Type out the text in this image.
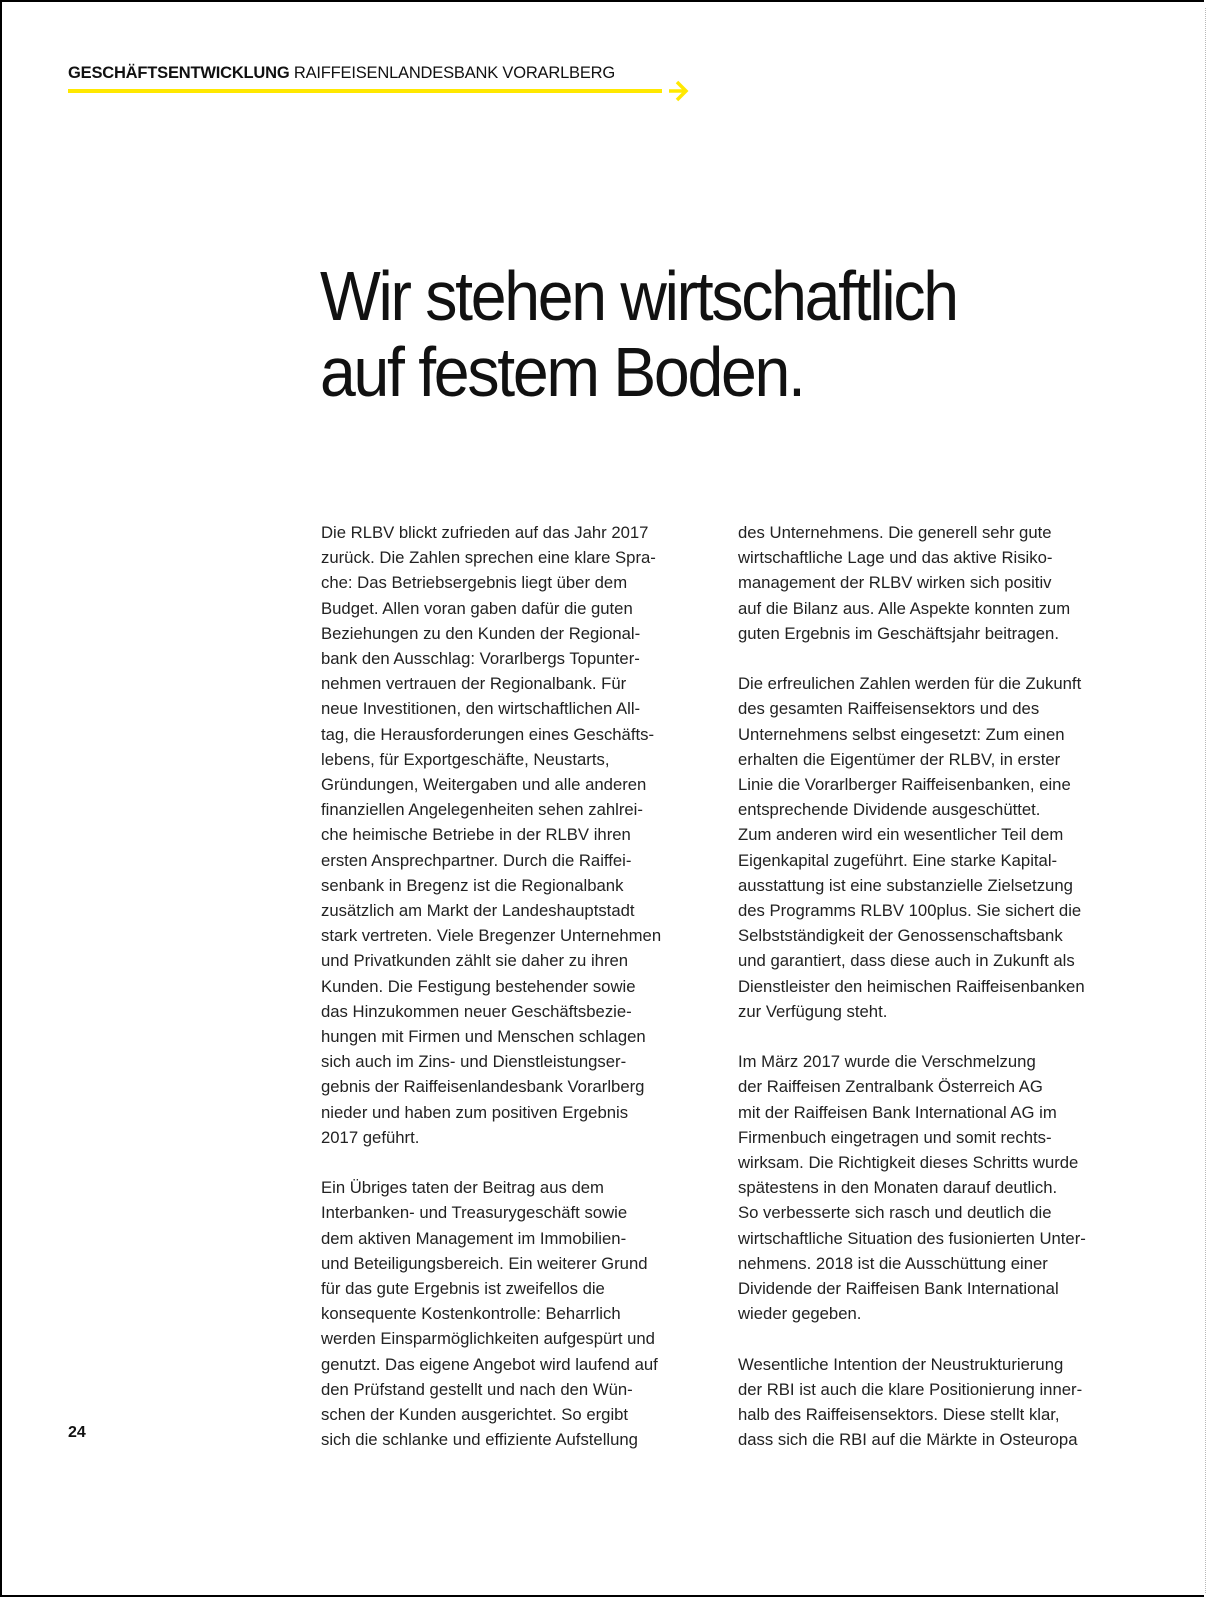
GESCHÄFTSENTWICKLUNG RAIFFEISENLANDESBANK VORARLBERG
Wir stehen wirtschaftlich
auf festem Boden.

Die RLBV blickt zufrieden auf das Jahr 2017
zurück. Die Zahlen sprechen eine klare Spra-
che: Das Betriebsergebnis liegt über dem
Budget. Allen voran gaben dafür die guten
Beziehungen zu den Kunden der Regional-
bank den Ausschlag: Vorarlbergs Topunter-
nehmen vertrauen der Regionalbank. Für
neue Investitionen, den wirtschaftlichen All-
tag, die Herausforderungen eines Geschäfts-
lebens, für Exportgeschäfte, Neustarts,
Gründungen, Weitergaben und alle anderen
finanziellen Angelegenheiten sehen zahlrei-
che heimische Betriebe in der RLBV ihren
ersten Ansprechpartner. Durch die Raiffei-
senbank in Bregenz ist die Regionalbank
zusätzlich am Markt der Landeshauptstadt
stark vertreten. Viele Bregenzer Unternehmen
und Privatkunden zählt sie daher zu ihren
Kunden. Die Festigung bestehender sowie
das Hinzukommen neuer Geschäftsbezie-
hungen mit Firmen und Menschen schlagen
sich auch im Zins- und Dienstleistungser-
gebnis der Raiffeisenlandesbank Vorarlberg
nieder und haben zum positiven Ergebnis
2017 geführt.

Ein Übriges taten der Beitrag aus dem
Interbanken- und Treasurygeschäft sowie
dem aktiven Management im Immobilien-
und Beteiligungsbereich. Ein weiterer Grund
für das gute Ergebnis ist zweifellos die
konsequente Kostenkontrolle: Beharrlich
werden Einsparmöglichkeiten aufgespürt und
genutzt. Das eigene Angebot wird laufend auf
den Prüfstand gestellt und nach den Wün-
schen der Kunden ausgerichtet. So ergibt
sich die schlanke und effiziente Aufstellung

des Unternehmens. Die generell sehr gute
wirtschaftliche Lage und das aktive Risiko-
management der RLBV wirken sich positiv
auf die Bilanz aus. Alle Aspekte konnten zum
guten Ergebnis im Geschäftsjahr beitragen.

Die erfreulichen Zahlen werden für die Zukunft
des gesamten Raiffeisensektors und des
Unternehmens selbst eingesetzt: Zum einen
erhalten die Eigentümer der RLBV, in erster
Linie die Vorarlberger Raiffeisenbanken, eine
entsprechende Dividende ausgeschüttet.
Zum anderen wird ein wesentlicher Teil dem
Eigenkapital zugeführt. Eine starke Kapital-
ausstattung ist eine substanzielle Zielsetzung
des Programms RLBV 100plus. Sie sichert die
Selbstständigkeit der Genossenschaftsbank
und garantiert, dass diese auch in Zukunft als
Dienstleister den heimischen Raiffeisenbanken
zur Verfügung steht.

Im März 2017 wurde die Verschmelzung
der Raiffeisen Zentralbank Österreich AG
mit der Raiffeisen Bank International AG im
Firmenbuch eingetragen und somit rechts-
wirksam. Die Richtigkeit dieses Schritts wurde
spätestens in den Monaten darauf deutlich.
So verbesserte sich rasch und deutlich die
wirtschaftliche Situation des fusionierten Unter-
nehmens. 2018 ist die Ausschüttung einer
Dividende der Raiffeisen Bank International
wieder gegeben.

Wesentliche Intention der Neustrukturierung
der RBI ist auch die klare Positionierung inner-
halb des Raiffeisensektors. Diese stellt klar,
dass sich die RBI auf die Märkte in Osteuropa

24
